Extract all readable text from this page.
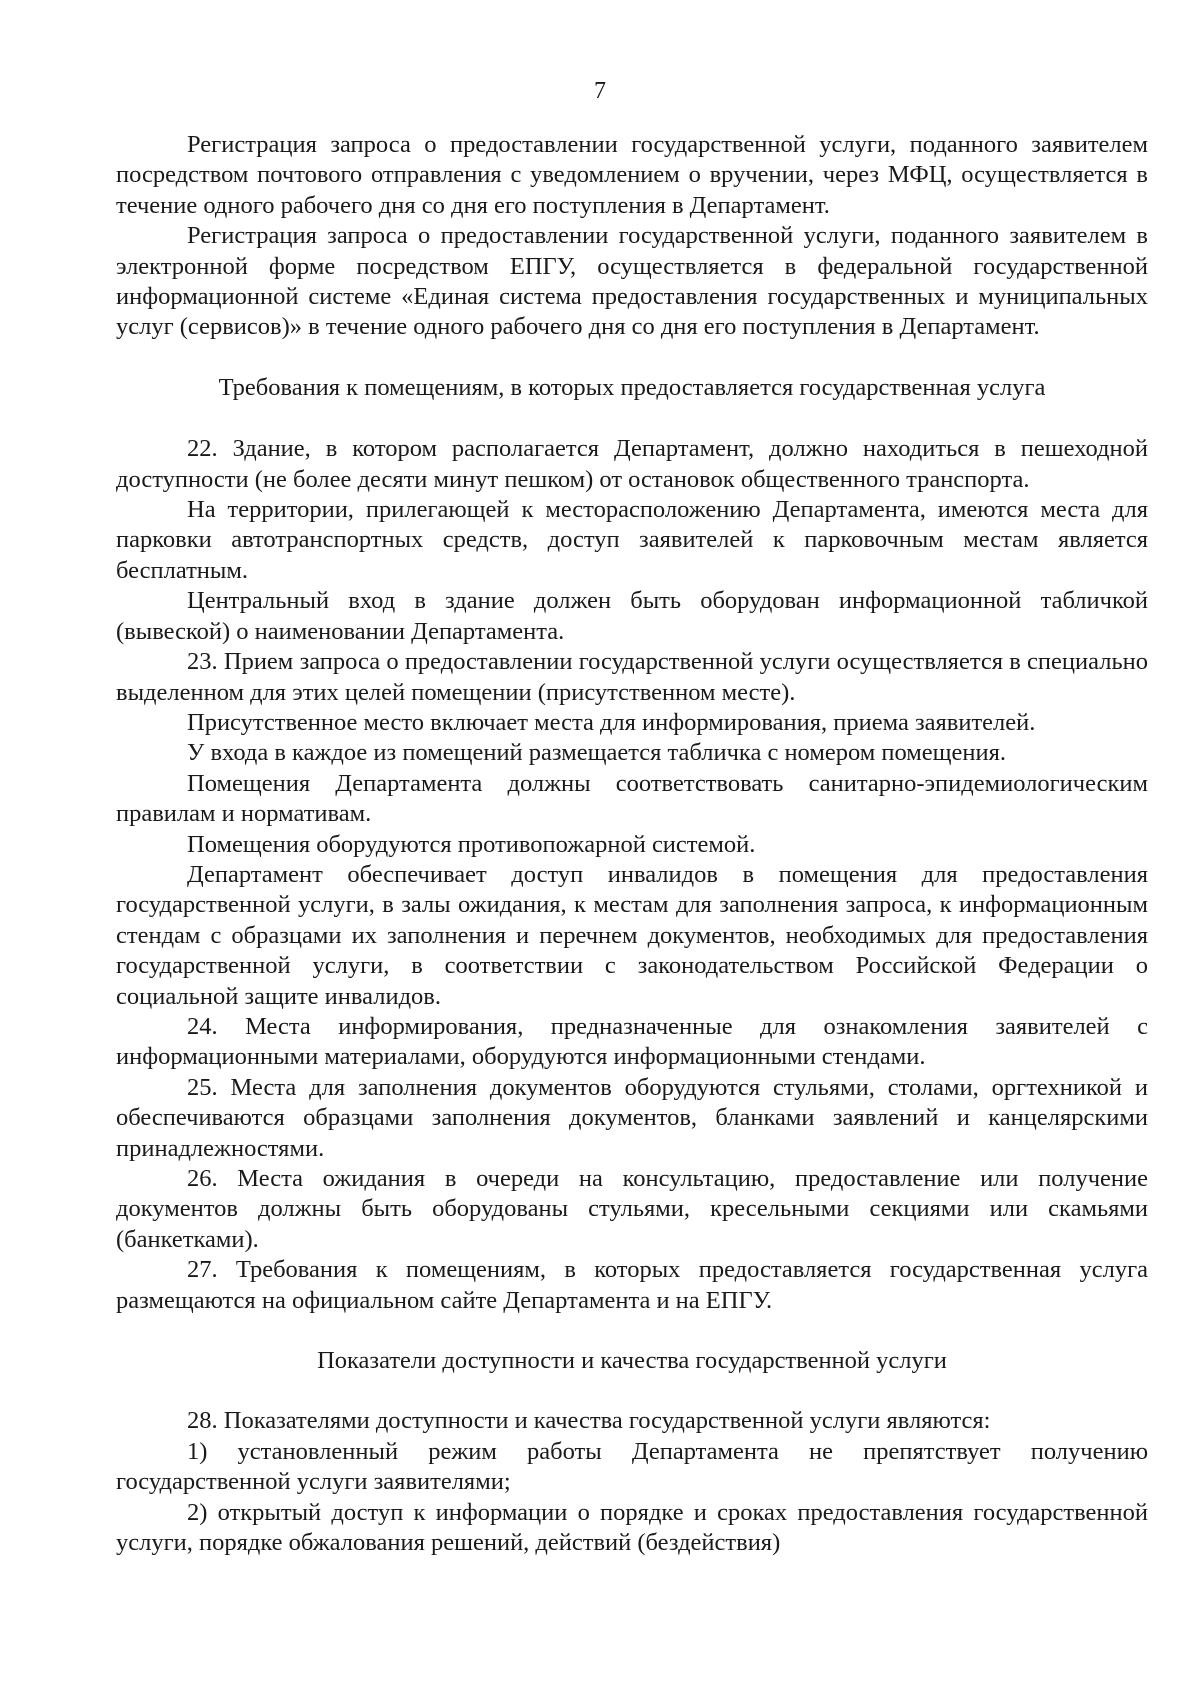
7

Регистрация запроса о предоставлении государственной услуги, поданного заявителем посредством почтового отправления с уведомлением о вручении, через МФЦ, осуществляется в течение одного рабочего дня со дня его поступления в Департамент.

Регистрация запроса о предоставлении государственной услуги, поданного заявителем в электронной форме посредством ЕПГУ, осуществляется в федеральной государственной информационной системе «Единая система предоставления государственных и муниципальных услуг (сервисов)» в течение одного рабочего дня со дня его поступления в Департамент.

Требования к помещениям, в которых предоставляется государственная услуга

22. Здание, в котором располагается Департамент, должно находиться в пешеходной доступности (не более десяти минут пешком) от остановок общественного транспорта.

На территории, прилегающей к месторасположению Департамента, имеются места для парковки автотранспортных средств, доступ заявителей к парковочным местам является бесплатным.

Центральный вход в здание должен быть оборудован информационной табличкой (вывеской) о наименовании Департамента.

23. Прием запроса о предоставлении государственной услуги осуществляется в специально выделенном для этих целей помещении (присутственном месте).

Присутственное место включает места для информирования, приема заявителей.

У входа в каждое из помещений размещается табличка с номером помещения.

Помещения Департамента должны соответствовать санитарно-эпидемиологическим правилам и нормативам.

Помещения оборудуются противопожарной системой.

Департамент обеспечивает доступ инвалидов в помещения для предоставления государственной услуги, в залы ожидания, к местам для заполнения запроса, к информационным стендам с образцами их заполнения и перечнем документов, необходимых для предоставления государственной услуги, в соответствии с законодательством Российской Федерации о социальной защите инвалидов.

24. Места информирования, предназначенные для ознакомления заявителей с информационными материалами, оборудуются информационными стендами.

25. Места для заполнения документов оборудуются стульями, столами, оргтехникой и обеспечиваются образцами заполнения документов, бланками заявлений и канцелярскими принадлежностями.

26. Места ожидания в очереди на консультацию, предоставление или получение документов должны быть оборудованы стульями, кресельными секциями или скамьями (банкетками).

27. Требования к помещениям, в которых предоставляется государственная услуга размещаются на официальном сайте Департамента и на ЕПГУ.

Показатели доступности и качества государственной услуги

28. Показателями доступности и качества государственной услуги являются:

1) установленный режим работы Департамента не препятствует получению государственной услуги заявителями;

2) открытый доступ к информации о порядке и сроках предоставления государственной услуги, порядке обжалования решений, действий (бездействия)
